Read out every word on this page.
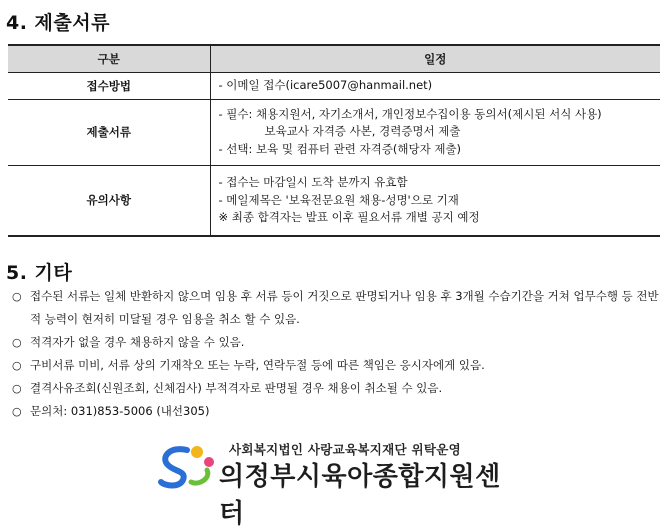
4. 제출서류
구분	일정
접수방법	- 이메일 접수(icare5007@hanmail.net)

제출서류	- 필수: 채용지원서, 자기소개서, 개인정보수집이용 동의서(제시된 서식 사용)
보육교사 자격증 사본, 경력증명서 제출
- 선택: 보육 및 컴퓨터 관련 자격증(해당자 제출)

유의사항	- 접수는 마감일시 도착 분까지 유효함
- 메일제목은 '보육전문요원 채용-성명'으로 기재
※ 최종 합격자는 발표 이후 필요서류 개별 공지 예정
5. 기타
○ 접수된 서류는 일체 반환하지 않으며 임용 후 서류 등이 거짓으로 판명되거나 임용 후 3개월 수습기간을 거쳐 업무수행 등 전반적 능력이 현저히 미달될 경우 임용을 취소 할 수 있음.
○ 적격자가 없을 경우 채용하지 않을 수 있음.
○ 구비서류 미비, 서류 상의 기재착오 또는 누락, 연락두절 등에 따른 책임은 응시자에게 있음.
○ 결격사유조회(신원조회, 신체검사) 부적격자로 판명될 경우 채용이 취소될 수 있음.
○ 문의처: 031)853-5006 (내선305)
사회복지법인 사랑교육복지재단 위탁운영
의정부시육아종합지원센터
